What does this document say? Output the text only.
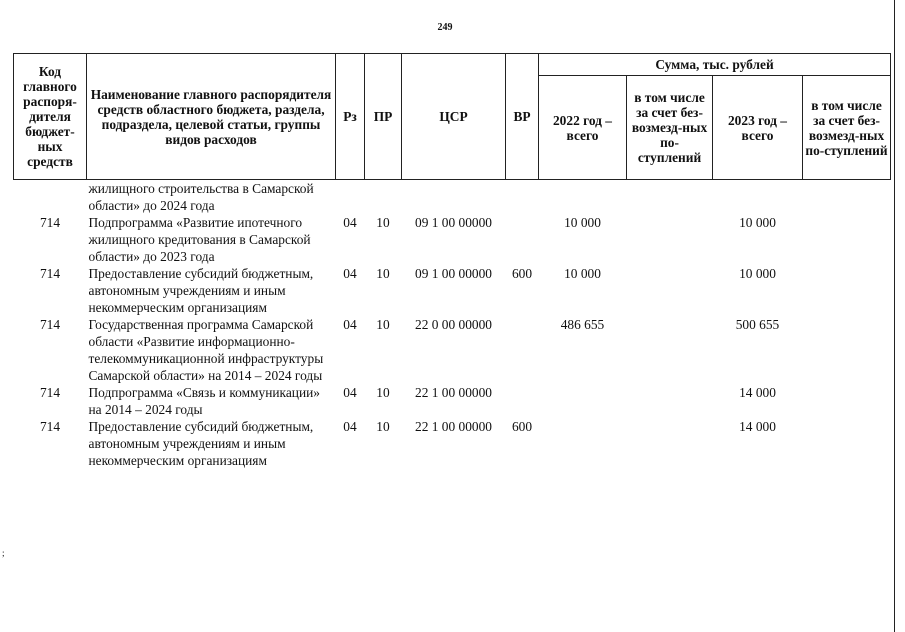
249
;
Код главного распоря-дителя бюджет-ных средств	Наименование главного распорядителя средств областного бюджета, раздела, подраздела, целевой статьи, группы видов расходов	Рз	ПР	ЦСР	ВР	Сумма, тыс. рублей			
						2022 год – всего	в том числе за счет без-возмезд-ных по-ступлений	2023 год – всего	в том числе за счет без-возмезд-ных по-ступлений
	жилищного строительства в Самарской области» до 2024 года								
714	Подпрограмма «Развитие ипотечного жилищного кредитования в Самарской области» до 2023 года	04	10	09 1 00 00000		10 000		10 000	
714	Предоставление субсидий бюджетным, автономным учреждениям и иным некоммерческим организациям	04	10	09 1 00 00000	600	10 000		10 000	
714	Государственная программа Самарской области «Развитие информационно-телекоммуникационной инфраструктуры Самарской области» на 2014 – 2024 годы	04	10	22 0 00 00000		486 655		500 655	
714	Подпрограмма «Связь и коммуникации» на 2014 – 2024 годы	04	10	22 1 00 00000				14 000	
714	Предоставление субсидий бюджетным, автономным учреждениям и иным некоммерческим организациям	04	10	22 1 00 00000	600			14 000	
